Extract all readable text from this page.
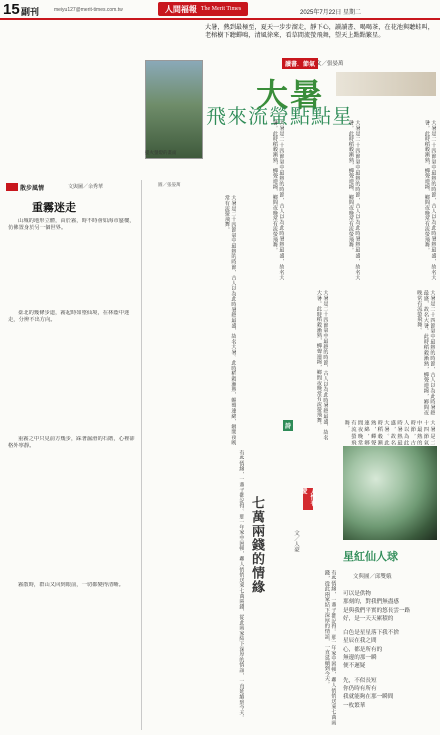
15 副刊	meiyu127@merit-times.com.tw	人間福報 The Merit Times
2025年7月22日 星期二
大暑，熱到最極至，夏天一步步溜走，靜下心，讀讀書、喝喝茶，在花池與聽蛙叫，老榕樹下聽蟬鳴，清風徐來，看草間流螢飛舞，望天上點點繁星。
讀書．節氣 文／張晏萬
大暑
飛來流螢點點星
提火螢燈的畫面
圖／張晏萬	大暑是二十四節氣中最熱的時節，古人以為此時暑熱最盛，故名大暑。此時稻穀漸熟，蟬聲連綿，鄉間夜晚常有流螢飛舞。	大暑是二十四節氣中最熱的時節，古人以為此時暑熱最盛，故名大暑。此時稻穀漸熟，蟬聲連綿，鄉間夜晚常有流螢飛舞。	大暑是二十四節氣中最熱的時節，古人以為此時暑熱最盛，故名大暑。此時稻穀漸熟，蟬聲連綿，鄉間夜晚常有流螢飛舞。
散步風情	文與圖／余秀華
重霧迷走
山城的地形立體，由於霧，時不時會如海市蜃樓，仿佛置身於另一個世界。
臺北的幾條步道，霧起時如墜仙境，在林蔭中迷走，分辨不出方向。
重霧之中只見前方幾步，踩著濕滑的石階，心裡卻格外寧靜。
霧散時，群山又回到眼前，一切都變得清晰。
大暑是二十四節氣中最熱的時節，古人以為此時暑熱最盛，故名大暑。此時稻穀漸熟，蟬聲連綿，鄉間夜晚常有流螢飛舞。
大暑是二十四節氣中最熱的時節，古人以為此時暑熱最盛，故名大暑。此時稻穀漸熟，蟬聲連綿，鄉間夜晚常有流螢飛舞。	大暑是二十四節氣中最熱的時節，古人以為此時暑熱最盛，故名大暑。此時稻穀漸熟，蟬聲連綿，鄉間夜晚常有流螢飛舞。
人情有愛
七萬兩錢的情緣	文／人豪
有些情緣，一輩子都記得。那一年家中困頓，鄰人悄悄送來七萬兩錢，從此兩家結下深厚的情誼，一直延續到今天。	有些情緣，一輩子都記得。那一年家中困頓，鄰人悄悄送來七萬兩錢，從此兩家結下深厚的情誼，一直延續到今天。
詩	大暑是二十四節氣中最熱的時節，古人以為此時暑熱最盛，故名大暑。此時稻穀漸熟，蟬聲連綿，鄉間夜晚常有流螢飛舞。
星紅仙人球
文與圖／邱雙娥
可以是供物
那刻的，對我們無盡感
是與我們平實的悠長雲一路
好，是一天天累積的
白色是星星落下我不捨
星辰在我之間
心，都是所有的
無邊的那一瞬
便不遲疑
先，不似長短
你仍時有所有
我就能夠在那一瞬間
一枚繁華
